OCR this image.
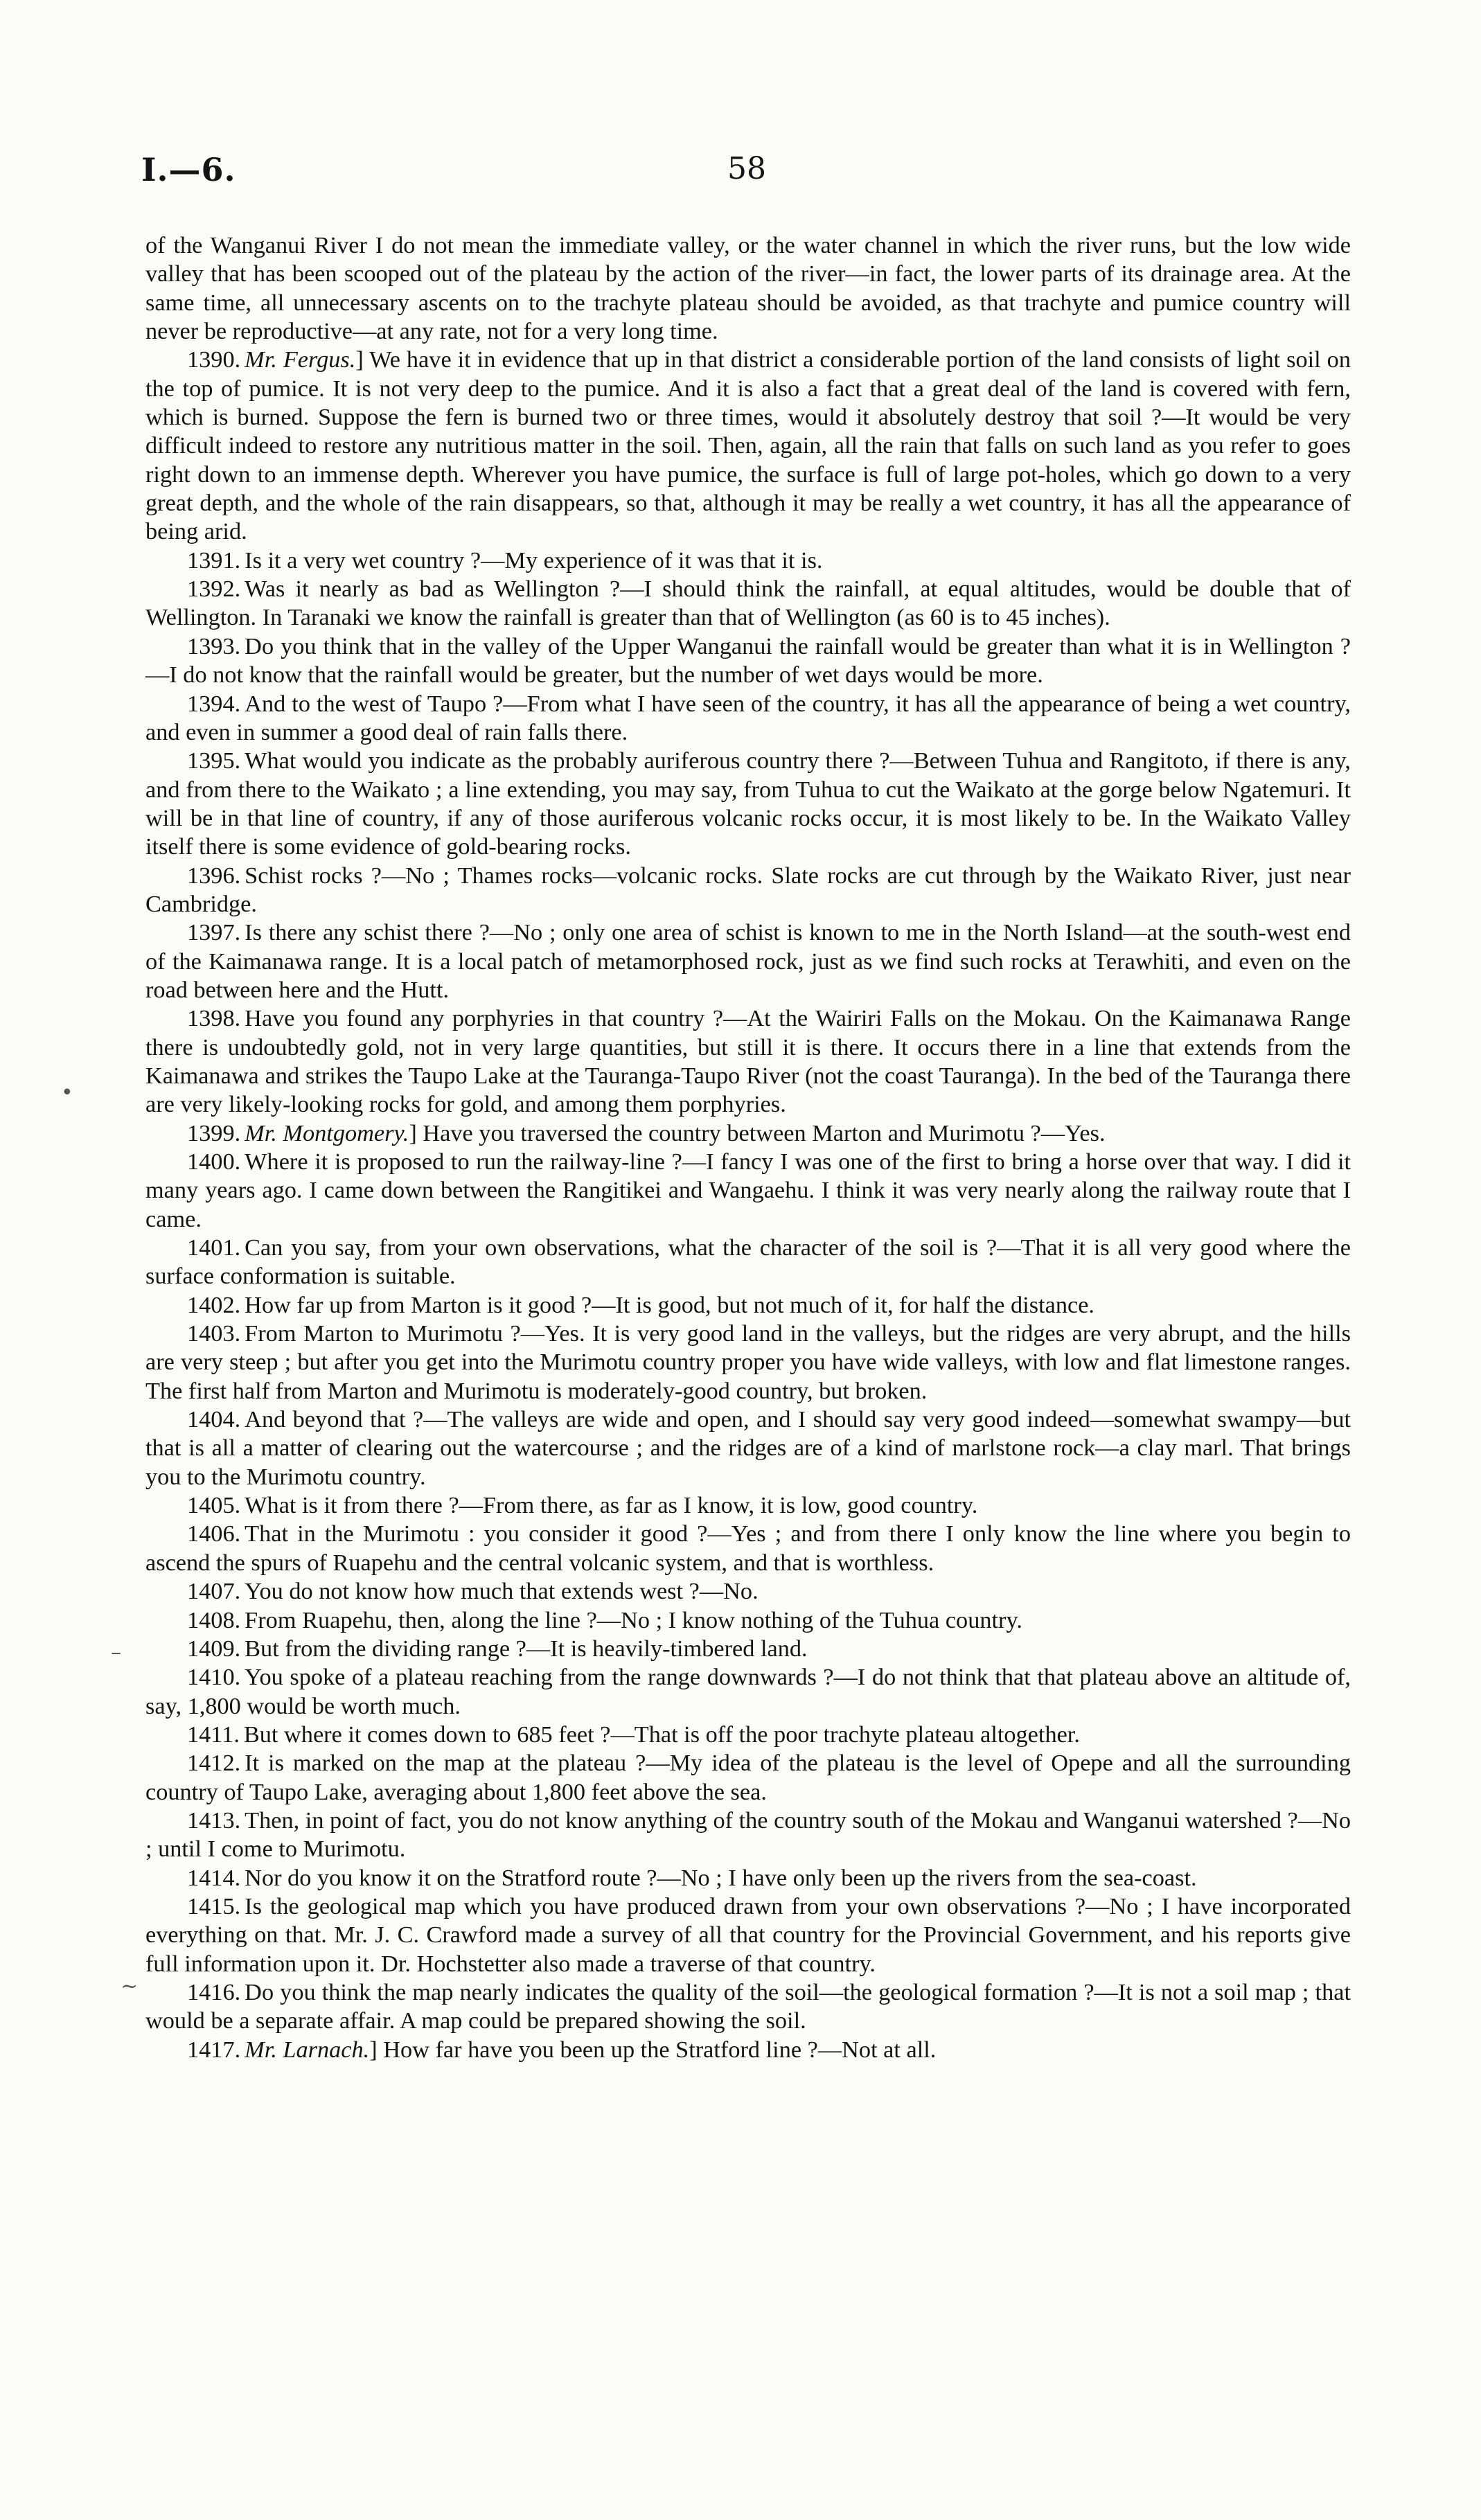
I.—6.	58
•
–
~

of the Wanganui River I do not mean the immediate valley, or the water channel in which the river runs, but the low wide valley that has been scooped out of the plateau by the action of the river—in fact, the lower parts of its drainage area. At the same time, all unnecessary ascents on to the trachyte plateau should be avoided, as that trachyte and pumice country will never be reproductive—at any rate, not for a very long time.

1390. Mr. Fergus.] We have it in evidence that up in that district a considerable portion of the land consists of light soil on the top of pumice. It is not very deep to the pumice. And it is also a fact that a great deal of the land is covered with fern, which is burned. Suppose the fern is burned two or three times, would it absolutely destroy that soil ?—It would be very difficult indeed to restore any nutritious matter in the soil. Then, again, all the rain that falls on such land as you refer to goes right down to an immense depth. Wherever you have pumice, the surface is full of large pot-holes, which go down to a very great depth, and the whole of the rain disappears, so that, although it may be really a wet country, it has all the appearance of being arid.

1391. Is it a very wet country ?—My experience of it was that it is.

1392. Was it nearly as bad as Wellington ?—I should think the rainfall, at equal altitudes, would be double that of Wellington. In Taranaki we know the rainfall is greater than that of Wellington (as 60 is to 45 inches).

1393. Do you think that in the valley of the Upper Wanganui the rainfall would be greater than what it is in Wellington ?—I do not know that the rainfall would be greater, but the number of wet days would be more.

1394. And to the west of Taupo ?—From what I have seen of the country, it has all the appearance of being a wet country, and even in summer a good deal of rain falls there.

1395. What would you indicate as the probably auriferous country there ?—Between Tuhua and Rangitoto, if there is any, and from there to the Waikato ; a line extending, you may say, from Tuhua to cut the Waikato at the gorge below Ngatemuri. It will be in that line of country, if any of those auriferous volcanic rocks occur, it is most likely to be. In the Waikato Valley itself there is some evidence of gold-bearing rocks.

1396. Schist rocks ?—No ; Thames rocks—volcanic rocks. Slate rocks are cut through by the Waikato River, just near Cambridge.

1397. Is there any schist there ?—No ; only one area of schist is known to me in the North Island—at the south-west end of the Kaimanawa range. It is a local patch of metamorphosed rock, just as we find such rocks at Terawhiti, and even on the road between here and the Hutt.

1398. Have you found any porphyries in that country ?—At the Wairiri Falls on the Mokau. On the Kaimanawa Range there is undoubtedly gold, not in very large quantities, but still it is there. It occurs there in a line that extends from the Kaimanawa and strikes the Taupo Lake at the Tauranga-Taupo River (not the coast Tauranga). In the bed of the Tauranga there are very likely-looking rocks for gold, and among them porphyries.

1399. Mr. Montgomery.] Have you traversed the country between Marton and Murimotu ?—Yes.

1400. Where it is proposed to run the railway-line ?—I fancy I was one of the first to bring a horse over that way. I did it many years ago. I came down between the Rangitikei and Wangaehu. I think it was very nearly along the railway route that I came.

1401. Can you say, from your own observations, what the character of the soil is ?—That it is all very good where the surface conformation is suitable.

1402. How far up from Marton is it good ?—It is good, but not much of it, for half the distance.

1403. From Marton to Murimotu ?—Yes. It is very good land in the valleys, but the ridges are very abrupt, and the hills are very steep ; but after you get into the Murimotu country proper you have wide valleys, with low and flat limestone ranges. The first half from Marton and Murimotu is moderately-good country, but broken.

1404. And beyond that ?—The valleys are wide and open, and I should say very good indeed—somewhat swampy—but that is all a matter of clearing out the watercourse ; and the ridges are of a kind of marlstone rock—a clay marl. That brings you to the Murimotu country.

1405. What is it from there ?—From there, as far as I know, it is low, good country.

1406. That in the Murimotu : you consider it good ?—Yes ; and from there I only know the line where you begin to ascend the spurs of Ruapehu and the central volcanic system, and that is worthless.

1407. You do not know how much that extends west ?—No.

1408. From Ruapehu, then, along the line ?—No ; I know nothing of the Tuhua country.

1409. But from the dividing range ?—It is heavily-timbered land.

1410. You spoke of a plateau reaching from the range downwards ?—I do not think that that plateau above an altitude of, say, 1,800 would be worth much.

1411. But where it comes down to 685 feet ?—That is off the poor trachyte plateau altogether.

1412. It is marked on the map at the plateau ?—My idea of the plateau is the level of Opepe and all the surrounding country of Taupo Lake, averaging about 1,800 feet above the sea.

1413. Then, in point of fact, you do not know anything of the country south of the Mokau and Wanganui watershed ?—No ; until I come to Murimotu.

1414. Nor do you know it on the Stratford route ?—No ; I have only been up the rivers from the sea-coast.

1415. Is the geological map which you have produced drawn from your own observations ?—No ; I have incorporated everything on that. Mr. J. C. Crawford made a survey of all that country for the Provincial Government, and his reports give full information upon it. Dr. Hochstetter also made a traverse of that country.

1416. Do you think the map nearly indicates the quality of the soil—the geological formation ?—It is not a soil map ; that would be a separate affair. A map could be prepared showing the soil.

1417. Mr. Larnach.] How far have you been up the Stratford line ?—Not at all.
